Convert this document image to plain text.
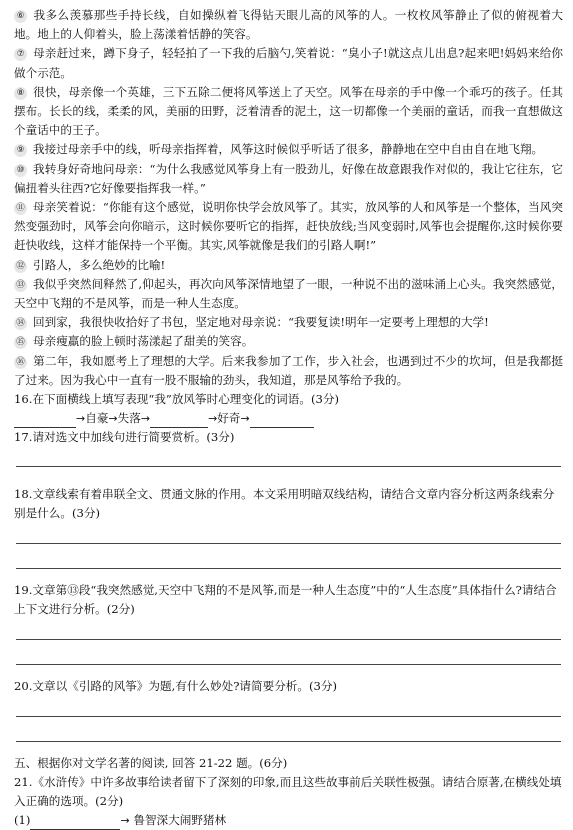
⑥ 我多么羡慕那些手持长线，自如操纵着飞得钻天眼儿高的风筝的人。一枚枚风筝静止了似的俯视着大地。地上的人仰着头，脸上荡漾着恬静的笑容。

⑦ 母亲赶过来，蹲下身子，轻轻拍了一下我的后脑勺,笑着说：“臭小子!就这点儿出息?起来吧!妈妈来给你做个示范。

⑧ 很快，母亲像一个英雄，三下五除二便将风筝送上了天空。风筝在母亲的手中像一个乖巧的孩子。任其摆布。长长的线，柔柔的风，美丽的田野，泛着清香的泥土，这一切都像一个美丽的童话，而我一直想做这个童话中的王子。

⑨ 我接过母亲手中的线，听母亲指挥着，风筝这时候似乎听话了很多，静静地在空中自由自在地飞翔。

⑩ 我转身好奇地问母亲：“为什么我感觉风筝身上有一股劲儿，好像在故意跟我作对似的，我让它往东，它偏扭着头往西?它好像要指挥我一样。”

⑪ 母亲笑着说：“你能有这个感觉，说明你快学会放风筝了。其实，放风筝的人和风筝是一个整体，当风突然变强劲时，风筝会向你暗示，这时候你要听它的指挥，赶快放线;当风变弱时,风筝也会提醒你,这时候你要赶快收线，这样才能保持一个平衡。其实,风筝就像是我们的引路人啊!”

⑫ 引路人，多么绝妙的比喻!

⑬ 我似乎突然间释然了,仰起头，再次向风筝深情地望了一眼，一种说不出的滋味涌上心头。我突然感觉，天空中飞翔的不是风筝，而是一种人生态度。

⑭ 回到家，我很快收拾好了书包，坚定地对母亲说：“我要复读!明年一定要考上理想的大学!

⑮ 母亲瘦羸的脸上顿时荡漾起了甜美的笑容。

⑯ 第二年，我如愿考上了理想的大学。后来我参加了工作，步入社会，也遇到过不少的坎坷，但是我都挺了过来。因为我心中一直有一股不服输的劲头，我知道，那是风筝给予我的。

16.在下面横线上填写表现“我”放风筝时心理变化的词语。(3分)

→自豪→失落→	→好奇→

17.请对选文中加线句进行简要赏析。(3分)

18.文章线索有着串联全文、贯通文脉的作用。本文采用明暗双线结构，请结合文章内容分析这两条线索分别是什么。(3分)

19.文章第⑬段“我突然感觉,天空中飞翔的不是风筝,而是一种人生态度”中的“人生态度”具体指什么?请结合上下文进行分析。(2分)

20.文章以《引路的风筝》为题,有什么妙处?请简要分析。(3分)

五、根据你对文学名著的阅读, 回答 21-22 题。(6分)

21.《水浒传》中许多故事给读者留下了深刻的印象,而且这些故事前后关联性极强。请结合原著,在横线处填入正确的选项。(2分)

(1)	→ 鲁智深大闹野猪林
